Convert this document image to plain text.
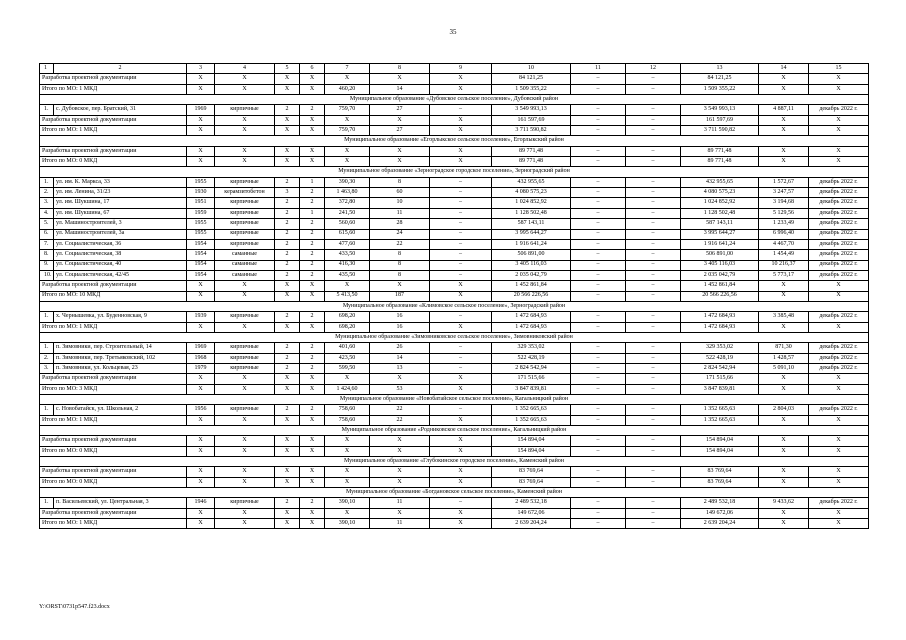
35
1	2	3	4	5	6	7	8	9	10	11	12	13	14	15
Разработка проектной документации		X	X	X	X	X	X	X	84 121,25	–	–	84 121,25	X	X
Итого по МО: 1 МКД		X	X	X	X	460,20	14	X	1 509 355,22	–	–	1 509 355,22	X	X
Муниципальное образование «Дубовское сельское поселение», Дубовский район														
1.	с. Дубовское, пер. Братский, 31	1969	кирпичные	2	2	759,70	27	–	3 549 993,13	–	–	3 549 993,13	4 887,11	декабрь 2022 г.
Разработка проектной документации		X	X	X	X	X	X	X	161 597,69	–	–	161 597,69	X	X
Итого по МО: 1 МКД		X	X	X	X	759,70	27	X	3 711 590,82	–	–	3 711 590,82	X	X
Муниципальное образование «Егорлыкское сельское поселение», Егорлыкский район														
Разработка проектной документации		X	X	X	X	X	X	X	89 771,48	–	–	89 771,48	X	X
Итого по МО: 0 МКД		X	X	X	X	X	X	X	89 771,48	–	–	89 771,48	X	X
Муниципальное образование «Зерноградское городское поселение», Зерноградский район														
1.	ул. им. К. Маркса, 33	1955	кирпичные	2	1	390,30	8	–	432 955,65	–	–	432 955,65	1 572,67	декабрь 2022 г.
2.	ул. им. Ленина, 31/23	1930	керамзитобетон	3	2	1 463,80	60	–	4 080 575,23	–	–	4 080 575,23	3 247,57	декабрь 2022 г.
3.	ул. им. Шукшина, 17	1951	кирпичные	2	2	372,80	10	–	1 024 852,92	–	–	1 024 852,92	3 194,68	декабрь 2022 г.
4.	ул. им. Шукшина, 67	1959	кирпичные	2	1	241,50	11	–	1 128 502,48	–	–	1 128 502,48	5 129,56	декабрь 2022 г.
5.	ул. Машиностроителей, 3	1955	кирпичные	2	2	560,60	28	–	587 143,11	–	–	587 143,11	1 233,49	декабрь 2022 г.
6.	ул. Машиностроителей, 3а	1955	кирпичные	2	2	615,60	24	–	3 995 644,27	–	–	3 995 644,27	6 996,40	декабрь 2022 г.
7.	ул. Социалистическая, 36	1954	кирпичные	2	2	477,60	22	–	1 916 641,24	–	–	1 916 641,24	4 467,70	декабрь 2022 г.
8.	ул. Социалистическая, 38	1954	саманные	2	2	433,50	8	–	506 891,00	–	–	506 891,00	1 454,49	декабрь 2022 г.
9.	ул. Социалистическая, 40	1954	саманные	2	2	416,30	8	–	3 405 116,03	–	–	3 405 116,03	10 216,37	декабрь 2022 г.
10.	ул. Социалистическая, 42/45	1954	саманные	2	2	435,50	8	–	2 035 042,79	–	–	2 035 042,79	5 773,17	декабрь 2022 г.
Разработка проектной документации		X	X	X	X	X	X	X	1 452 861,84	–	–	1 452 861,84	X	X
Итого по МО: 10 МКД		X	X	X	X	5 413,50	187	X	20 566 226,56	–	–	20 566 226,56	X	X
Муниципальное образование «Климовское сельское поселение», Зерноградский район														
1.	х. Чернышевка, ул. Буденновская, 9	1939	кирпичные	2	2	698,20	16	–	1 472 684,93	–	–	1 472 684,93	3 385,48	декабрь 2022 г.
Итого по МО: 1 МКД		X	X	X	X	698,20	16	X	1 472 684,93	–	–	1 472 684,93	X	X
Муниципальное образование «Зимовниковское сельское поселение», Зимовниковский район														
1.	п. Зимовники, пер. Строительный, 14	1969	кирпичные	2	2	401,60	26	–	329 353,02	–	–	329 353,02	871,30	декабрь 2022 г.
2.	п. Зимовники, пер. Третьяковский, 102	1968	кирпичные	2	2	423,50	14	–	522 428,19	–	–	522 428,19	1 428,57	декабрь 2022 г.
3.	п. Зимовники, ул. Кольцевая, 23	1979	кирпичные	2	2	599,50	13	–	2 824 542,94	–	–	2 824 542,94	5 091,10	декабрь 2022 г.
Разработка проектной документации		X	X	X	X	X	X	X	171 515,66	–	–	171 515,66	X	X
Итого по МО: 3 МКД		X	X	X	X	1 424,60	53	X	3 847 839,81	–	–	3 847 839,81	X	X
Муниципальное образование «Новобатайское сельское поселение», Кагальницкий район														
1.	с. Новобатайск, ул. Школьная, 2	1956	кирпичные	2	2	758,60	22	–	1 352 665,63	–	–	1 352 665,63	2 804,03	декабрь 2022 г.
Итого по МО: 1 МКД		X	X	X	X	758,60	22	X	1 352 665,63	–	–	1 352 665,63	X	X
Муниципальное образование «Родниковское сельское поселение», Кагальницкий район														
Разработка проектной документации		X	X	X	X	X	X	X	154 894,04	–	–	154 894,04	X	X
Итого по МО: 0 МКД		X	X	X	X	X	X	X	154 894,04	–	–	154 894,04	X	X
Муниципальное образование «Глубокинское городское поселение», Каменский район														
Разработка проектной документации		X	X	X	X	X	X	X	83 769,64	–	–	83 769,64	X	X
Итого по МО: 0 МКД		X	X	X	X	X	X	X	83 769,64	–	–	83 769,64	X	X
Муниципальное образование «Богдановское сельское поселение», Каменский район														
1.	п. Васильевский, ул. Центральная, 3	1946	кирпичные	2	2	390,10	11	–	2 489 532,18	–	–	2 489 532,18	9 433,62	декабрь 2022 г.
Разработка проектной документации		X	X	X	X	X	X	X	149 672,06	–	–	149 672,06	X	X
Итого по МО: 1 МКД		X	X	X	X	390,10	11	X	2 639 204,24	–	–	2 639 204,24	X	X
Y:\ORST\0731p547.f23.docx
